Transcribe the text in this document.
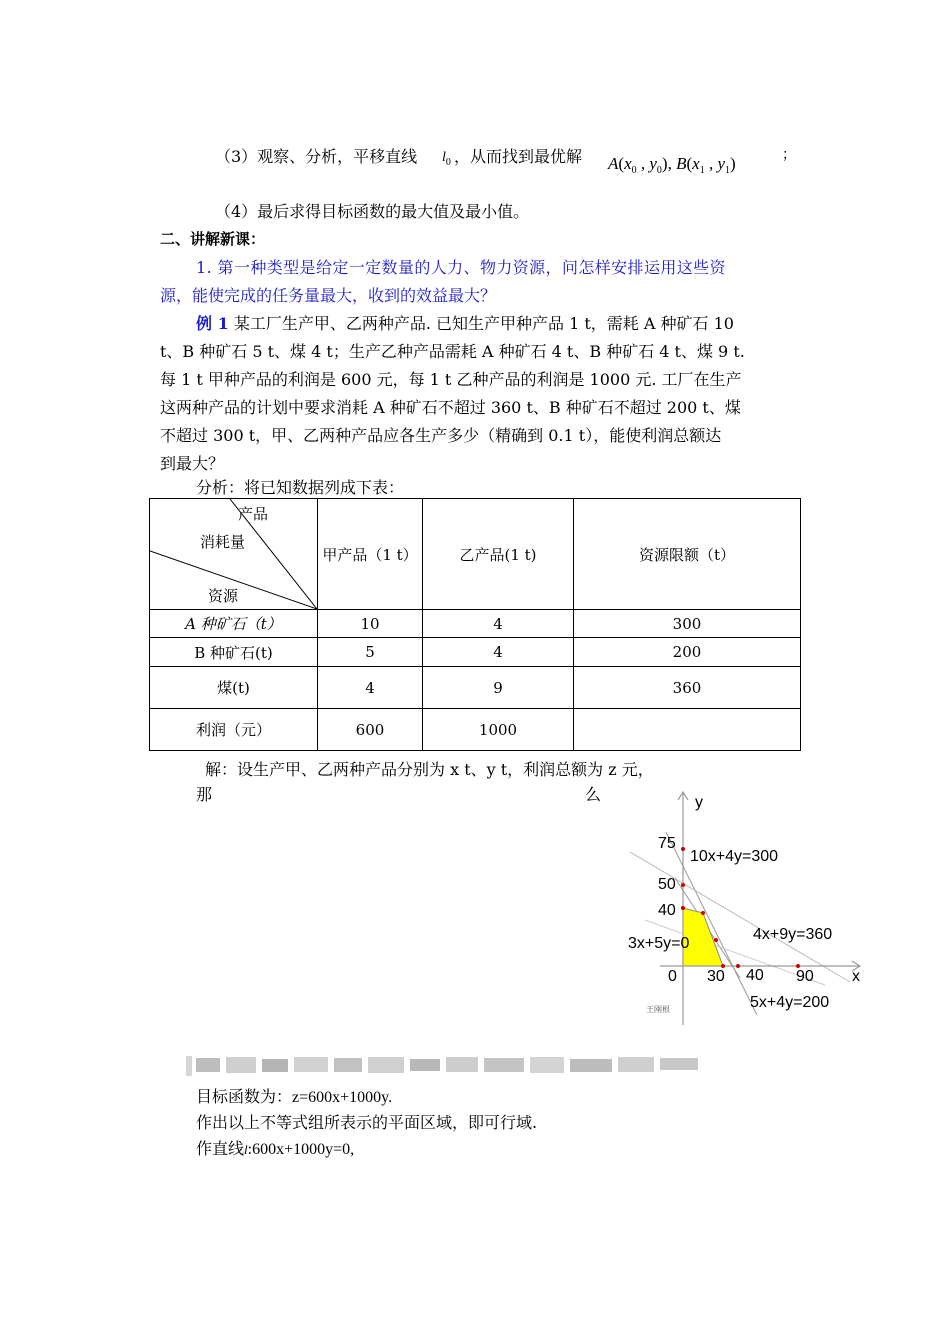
（3）观察、分析，平移直线 $l_0$ ，从而找到最优解 $A(x_0$ , $y_0$), $B(x_1$ , $y_1$)	；
（4）最后求得目标函数的最大值及最小值。
二、讲解新课：
1. 第一种类型是给定一定数量的人力、物力资源，问怎样安排运用这些资
源，能使完成的任务量最大，收到的效益最大？
例 1 某工厂生产甲、乙两种产品. 已知生产甲种产品 1 t，需耗 A 种矿石 10
t、B 种矿石 5 t、煤 4 t；生产乙种产品需耗 A 种矿石 4 t、B 种矿石 4 t、煤 9 t.
每 1 t 甲种产品的利润是 600 元，每 1 t 乙种产品的利润是 1000 元. 工厂在生产
这两种产品的计划中要求消耗 A 种矿石不超过 360 t、B 种矿石不超过 200 t、煤
不超过 300 t，甲、乙两种产品应各生产多少（精确到 0.1 t），能使利润总额达
到最大？
分析：将已知数据列成下表：
产品
消耗量
资源	甲产品（1 t）	乙产品(1 t)	资源限额（t）
A 种矿石（t）	10	4	300
B 种矿石(t)	5	4	200
煤(t)	4	9	360
利润（元）	600	1000	
解：设生产甲、乙两种产品分别为 x t、y t，利润总额为 z 元，
那	么	y
x
75
50
40
0 30 40 90
10x+4y=300
4x+9y=360
3x+5y=0
5x+4y=200
王刚根
目标函数为：z=600x+1000y.
作出以上不等式组所表示的平面区域，即可行域.
作直线l:600x+1000y=0,
